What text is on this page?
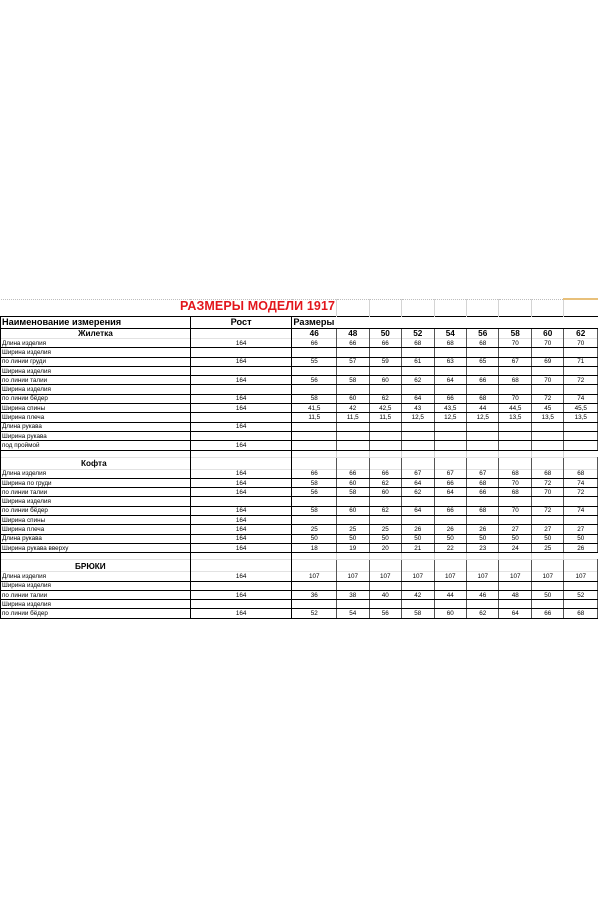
РАЗМЕРЫ МОДЕЛИ 1917										
Наименование измерения	Рост	Размеры								
Жилетка		46	48	50	52	54	56	58	60	62
Длина изделия	164	66	66	66	68	68	68	70	70	70
Ширина изделия										
по линии груди	164	55	57	59	61	63	65	67	69	71
Ширина изделия										
по линии талии	164	56	58	60	62	64	66	68	70	72
Ширина изделия										
по линии бёдер	164	58	60	62	64	66	68	70	72	74
Ширина спины	164	41,5	42	42,5	43	43,5	44	44,5	45	45,5
Ширина плеча		11,5	11,5	11,5	12,5	12,5	12,5	13,5	13,5	13,5
Длина рукава	164									
Ширина рукава										
под проймой	164									

Кофта										
Длина изделия	164	66	66	66	67	67	67	68	68	68
Ширина по груди	164	58	60	62	64	66	68	70	72	74
по линии талии	164	56	58	60	62	64	66	68	70	72
Ширина изделия										
по линии бёдер	164	58	60	62	64	66	68	70	72	74
Ширина спины	164									
Ширина плеча	164	25	25	25	26	26	26	27	27	27
Длина рукава	164	50	50	50	50	50	50	50	50	50
Ширина рукава вверху	164	18	19	20	21	22	23	24	25	26

БРЮКИ										
Длина изделия	164	107	107	107	107	107	107	107	107	107
Ширина изделия										
по линии талии	164	36	38	40	42	44	46	48	50	52
Ширина изделия										
по линии бёдер	164	52	54	56	58	60	62	64	66	68
